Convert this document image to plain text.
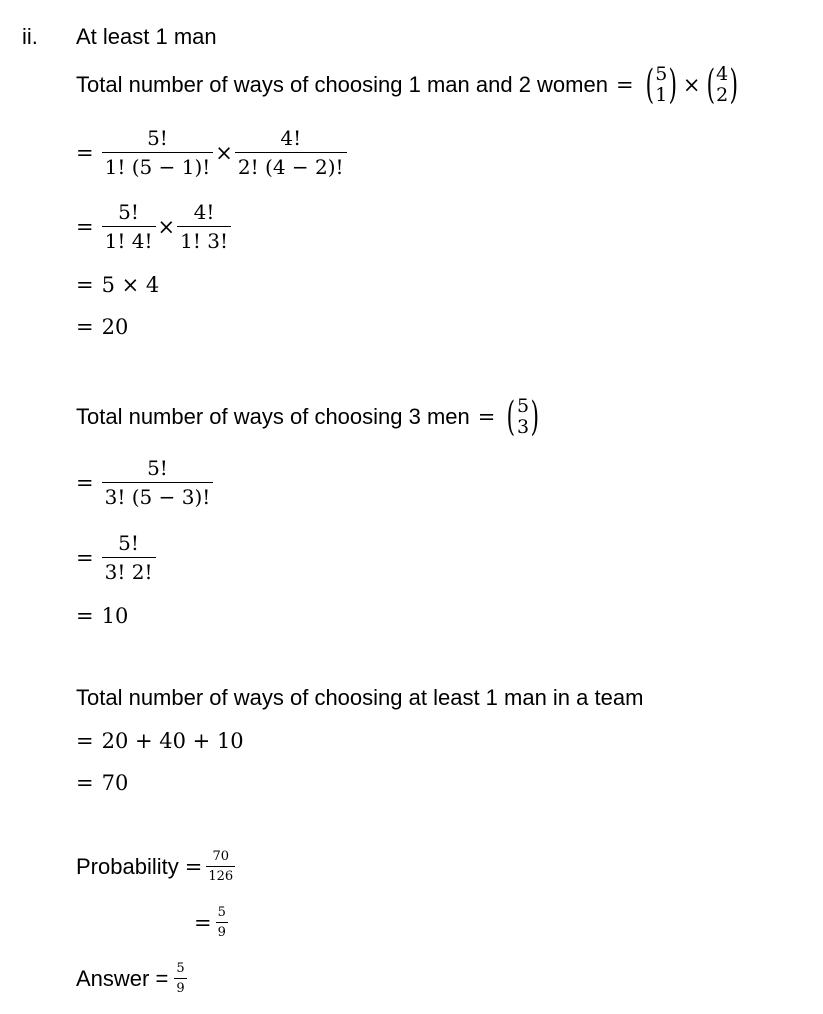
ii. At least 1 man
Total number of ways of choosing 1 man and 2 women = ( 5
1 ) × ( 4
2 )
= $\frac{5!}{1! (5 - 1)!} \times \frac{4!}{2! (4 - 2)!}$
= $\frac{5!}{1! 4!} \times \frac{4!}{1! 3!}$
= 5 × 4
= 20
Total number of ways of choosing 3 men = ( 5
3 )
= $\frac{5!}{3! (5 - 3)!}$
= $\frac{5!}{3! 2!}$
= 10
Total number of ways of choosing at least 1 man in a team
= 20 + 40 + 10
= 70
Probability = $\frac{70}{126}$
= $\frac{5}{9}$
Answer = $\frac{5}{9}$
